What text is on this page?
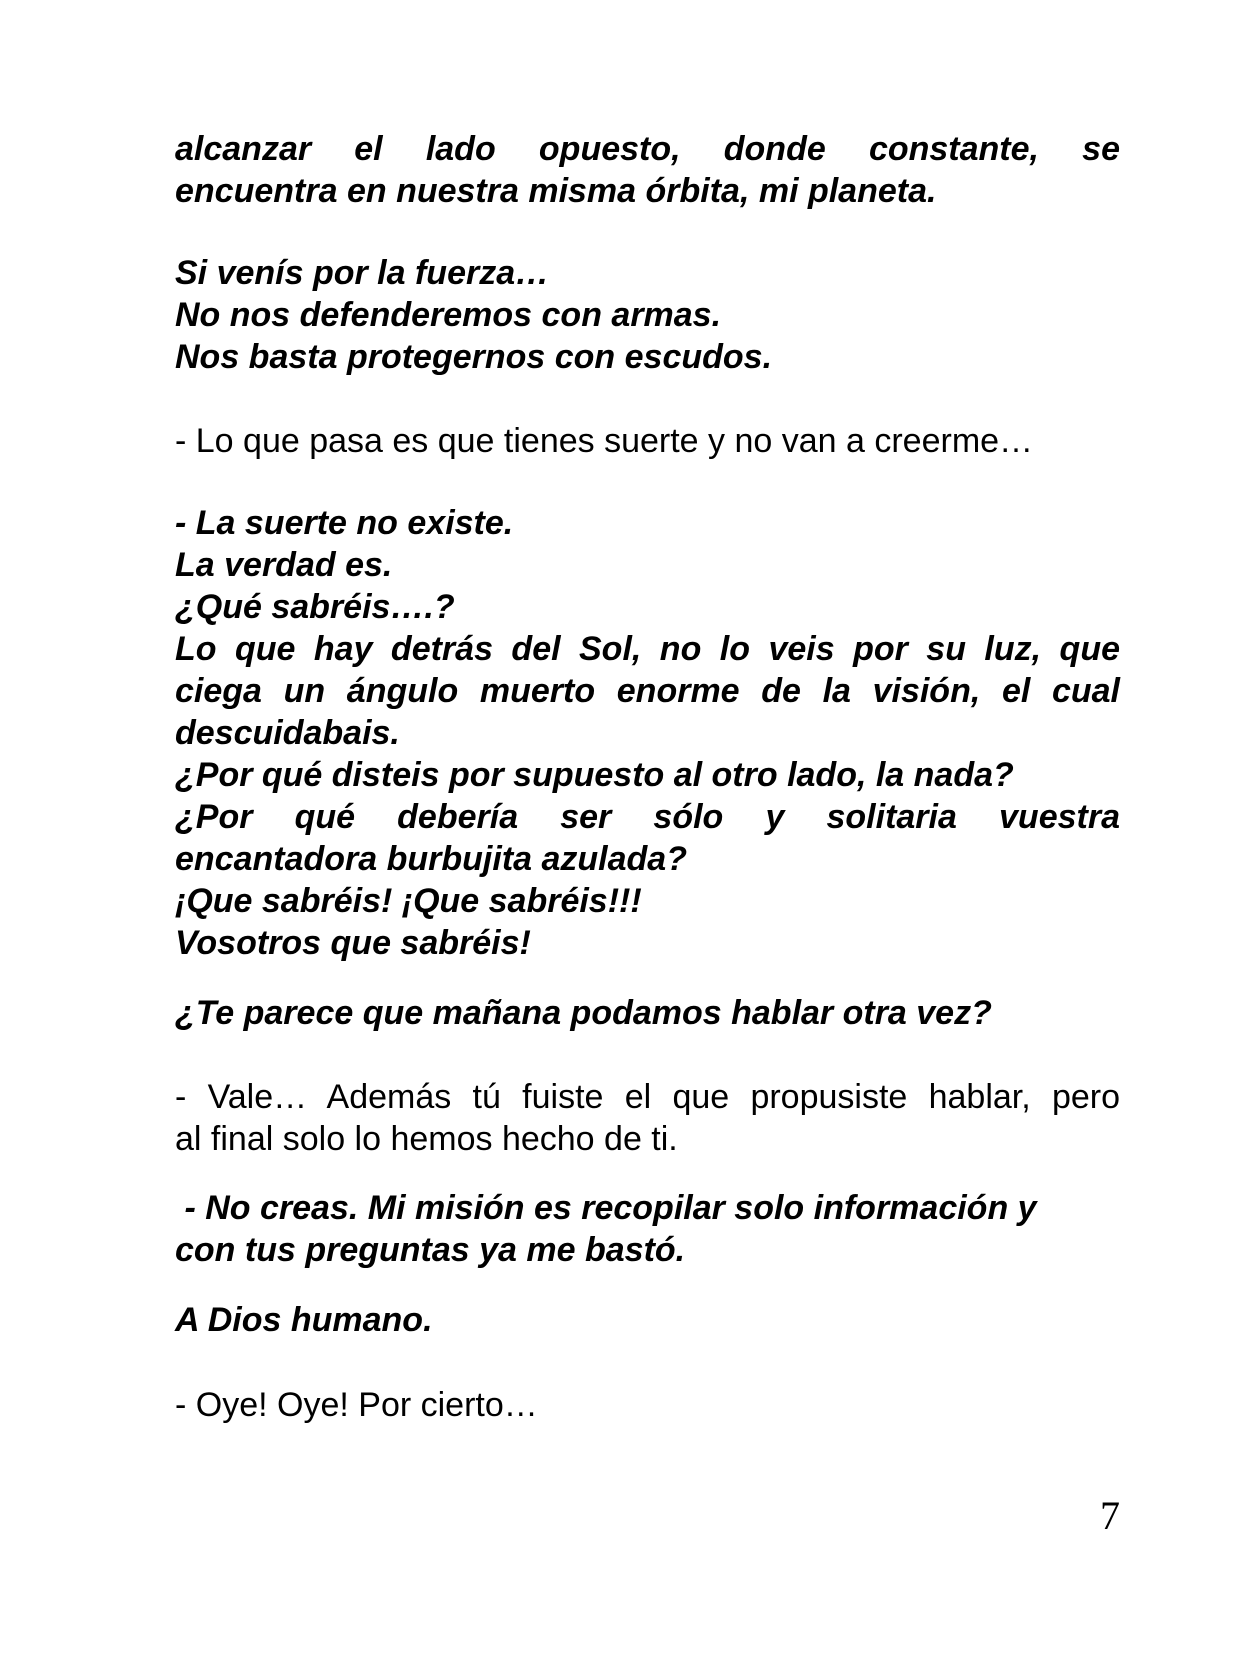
alcanzar el lado opuesto, donde constante, se
encuentra en nuestra misma órbita, mi planeta.

Si venís por la fuerza…
No nos defenderemos con armas.
Nos basta protegernos con escudos.

- Lo que pasa es que tienes suerte y no van a creerme…

- La suerte no existe.
La verdad es.
¿Qué sabréis….?
Lo que hay detrás del Sol, no lo veis por su luz, que
ciega un ángulo muerto enorme de la visión, el cual
descuidabais.
¿Por qué disteis por supuesto al otro lado, la nada?
¿Por qué debería ser sólo y solitaria vuestra
encantadora burbujita azulada?
¡Que sabréis! ¡Que sabréis!!!
Vosotros que sabréis!

¿Te parece que mañana podamos hablar otra vez?

- Vale… Además tú fuiste el que propusiste hablar, pero
al final solo lo hemos hecho de ti.

- No creas. Mi misión es recopilar solo información y
con tus preguntas ya me bastó.

A Dios humano.

- Oye! Oye! Por cierto…

7
